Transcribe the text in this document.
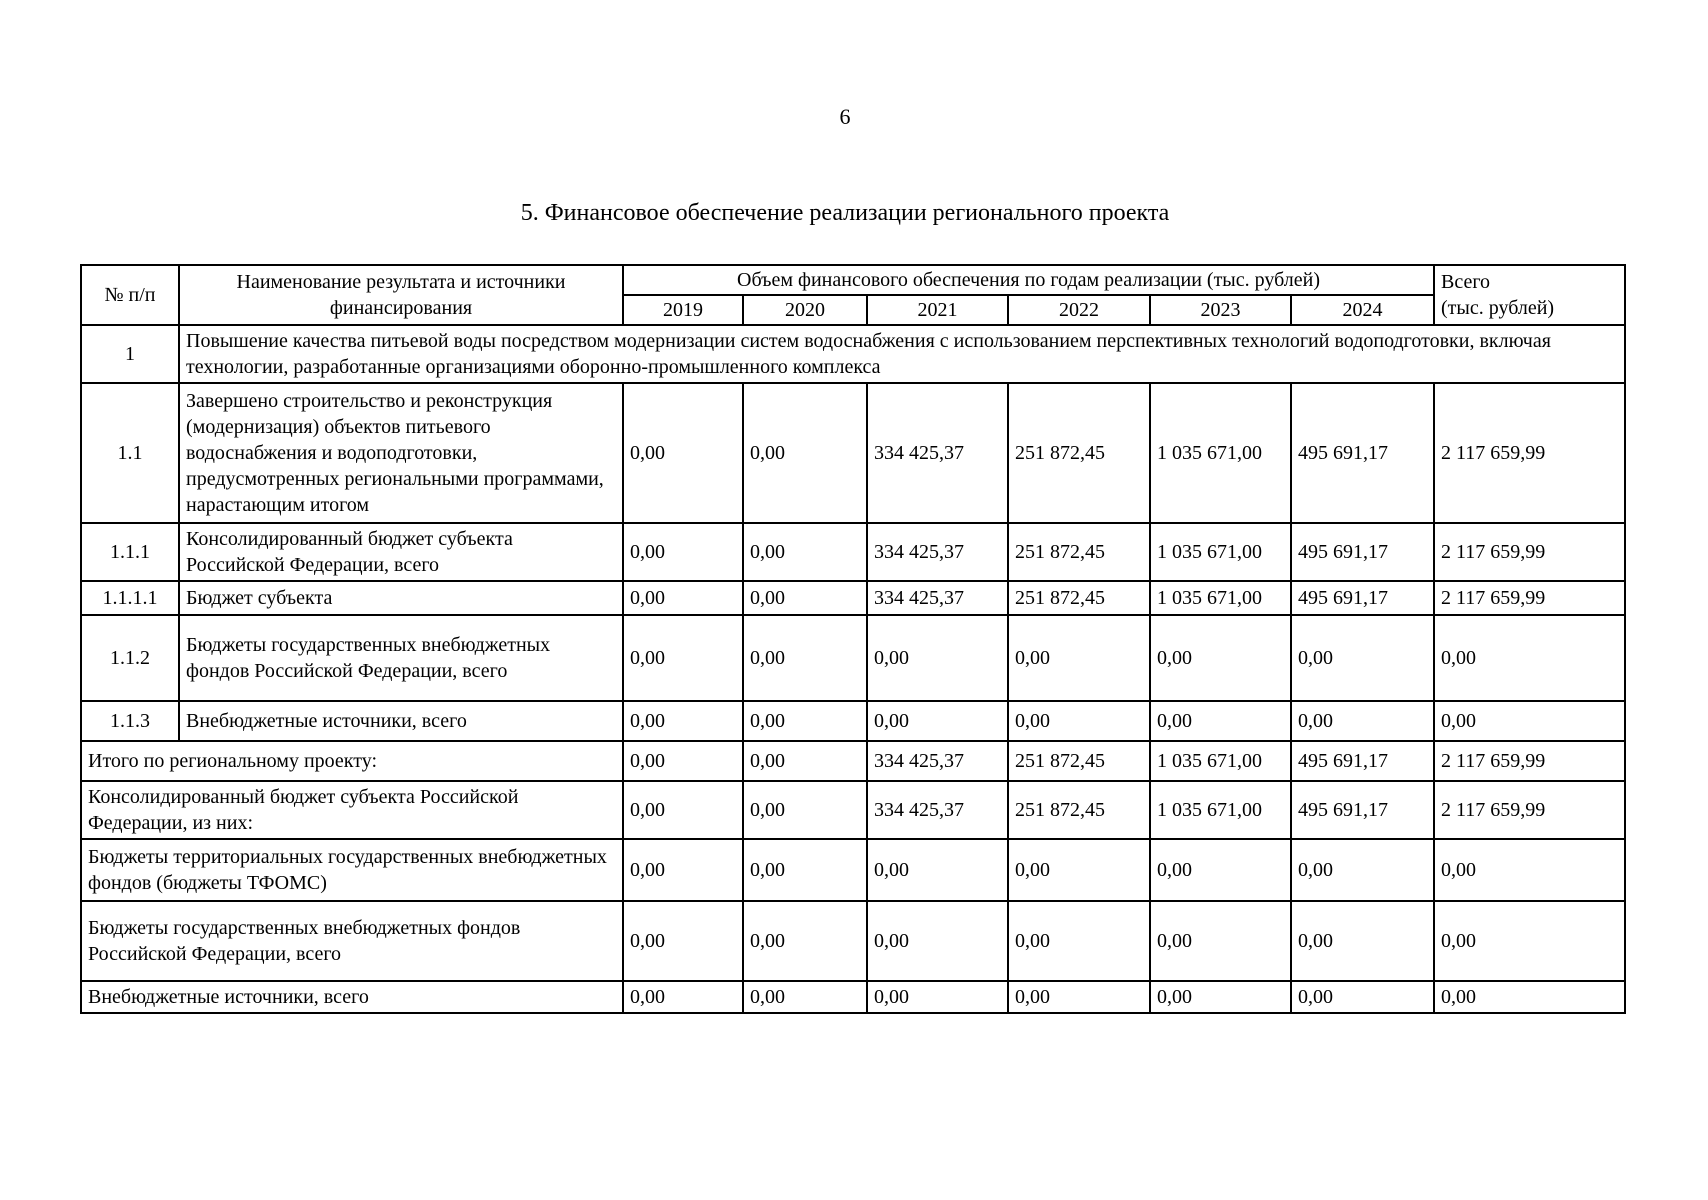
6
5. Финансовое обеспечение реализации регионального проекта
№ п/п	Наименование результата и источники финансирования	Объем финансового обеспечения по годам реализации (тыс. рублей)						Всего
(тыс. рублей)

		2019	2020	2021	2022	2023	2024	
1	Повышение качества питьевой воды посредством модернизации систем водоснабжения с использованием перспективных технологий водоподготовки, включая технологии, разработанные организациями оборонно-промышленного комплекса							
1.1	Завершено строительство и реконструкция (модернизация) объектов питьевого водоснабжения и водоподготовки, предусмотренных региональными программами, нарастающим итогом	0,00	0,00	334 425,37	251 872,45	1 035 671,00	495 691,17	2 117 659,99
1.1.1	Консолидированный бюджет субъекта Российской Федерации, всего	0,00	0,00	334 425,37	251 872,45	1 035 671,00	495 691,17	2 117 659,99
1.1.1.1	Бюджет субъекта	0,00	0,00	334 425,37	251 872,45	1 035 671,00	495 691,17	2 117 659,99
1.1.2	Бюджеты государственных внебюджетных фондов Российской Федерации, всего	0,00	0,00	0,00	0,00	0,00	0,00	0,00
1.1.3	Внебюджетные источники, всего	0,00	0,00	0,00	0,00	0,00	0,00	0,00
Итого по региональному проекту:		0,00	0,00	334 425,37	251 872,45	1 035 671,00	495 691,17	2 117 659,99
Консолидированный бюджет субъекта Российской Федерации, из них:		0,00	0,00	334 425,37	251 872,45	1 035 671,00	495 691,17	2 117 659,99
Бюджеты территориальных государственных внебюджетных фондов (бюджеты ТФОМС)		0,00	0,00	0,00	0,00	0,00	0,00	0,00
Бюджеты государственных внебюджетных фондов Российской Федерации, всего		0,00	0,00	0,00	0,00	0,00	0,00	0,00
Внебюджетные источники, всего		0,00	0,00	0,00	0,00	0,00	0,00	0,00
